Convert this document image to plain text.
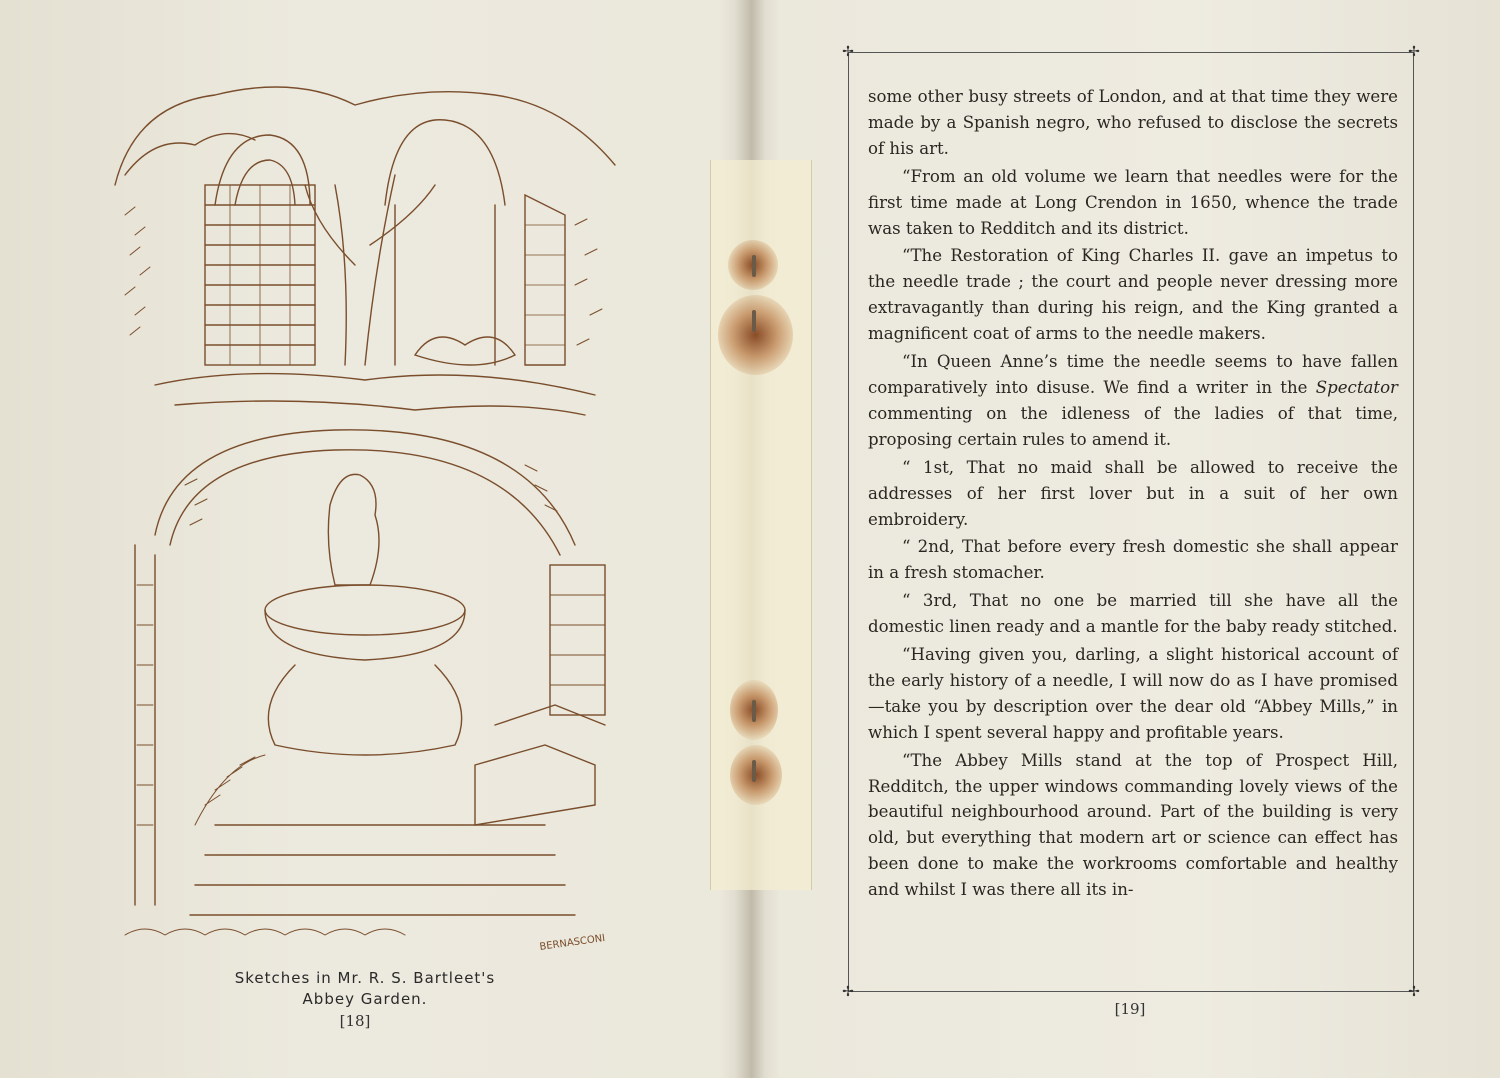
BERNASCONI
Sketches in Mr. R. S. Bartleet's
Abbey Garden.
[18]
✢	✢
✢	✢

some other busy streets of London, and at that time they were made by a Spanish negro, who refused to disclose the secrets of his art.

“From an old volume we learn that needles were for the first time made at Long Crendon in 1650, whence the trade was taken to Redditch and its district.

“The Restoration of King Charles II. gave an impetus to the needle trade ; the court and people never dressing more extravagantly than during his reign, and the King granted a magnificent coat of arms to the needle makers.

“In Queen Anne’s time the needle seems to have fallen comparatively into disuse. We find a writer in the Spectator commenting on the idleness of the ladies of that time, proposing certain rules to amend it.

“ 1st, That no maid shall be allowed to receive the addresses of her first lover but in a suit of her own embroidery.

“ 2nd, That before every fresh domestic she shall appear in a fresh stomacher.

“ 3rd, That no one be married till she have all the domestic linen ready and a mantle for the baby ready stitched.

“Having given you, darling, a slight historical account of the early history of a needle, I will now do as I have promised—take you by description over the dear old “Abbey Mills,” in which I spent several happy and profitable years.

“The Abbey Mills stand at the top of Prospect Hill, Redditch, the upper windows commanding lovely views of the beautiful neighbourhood around. Part of the building is very old, but everything that modern art or science can effect has been done to make the workrooms comfortable and healthy and whilst I was there all its in-

[19]
